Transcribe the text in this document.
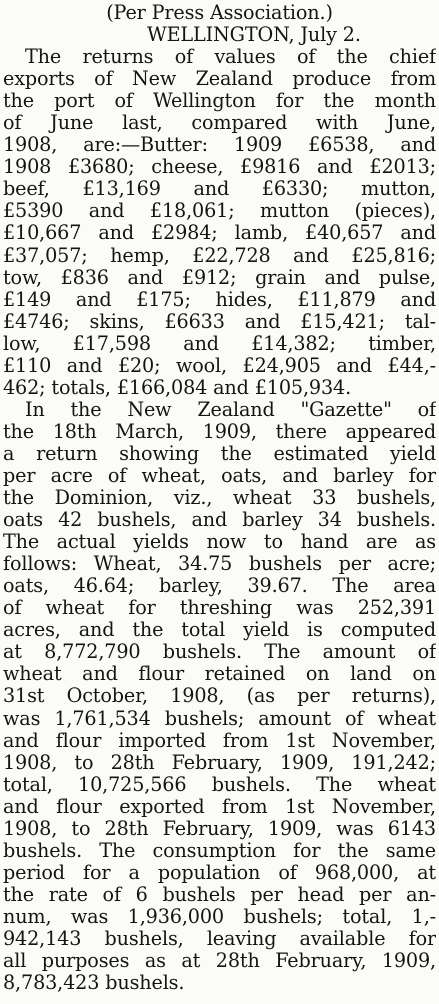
(Per Press Association.)
WELLINGTON, July 2.
The returns of values of the chief
exports of New Zealand produce from
the port of Wellington for the month
of June last, compared with June,
1908, are:—Butter: 1909 £6538, and
1908 £3680; cheese, £9816 and £2013;
beef, £13,169 and £6330; mutton,
£5390 and £18,061; mutton (pieces),
£10,667 and £2984; lamb, £40,657 and
£37,057; hemp, £22,728 and £25,816;
tow, £836 and £912; grain and pulse,
£149 and £175; hides, £11,879 and
£4746; skins, £6633 and £15,421; tal-
low, £17,598 and £14,382; timber,
£110 and £20; wool, £24,905 and £44,-
462; totals, £166,084 and £105,934.
In the New Zealand "Gazette" of
the 18th March, 1909, there appeared
a return showing the estimated yield
per acre of wheat, oats, and barley for
the Dominion, viz., wheat 33 bushels,
oats 42 bushels, and barley 34 bushels.
The actual yields now to hand are as
follows: Wheat, 34.75 bushels per acre;
oats, 46.64; barley, 39.67. The area
of wheat for threshing was 252,391
acres, and the total yield is computed
at 8,772,790 bushels. The amount of
wheat and flour retained on land on
31st October, 1908, (as per returns),
was 1,761,534 bushels; amount of wheat
and flour imported from 1st November,
1908, to 28th February, 1909, 191,242;
total, 10,725,566 bushels. The wheat
and flour exported from 1st November,
1908, to 28th February, 1909, was 6143
bushels. The consumption for the same
period for a population of 968,000, at
the rate of 6 bushels per head per an-
num, was 1,936,000 bushels; total, 1,-
942,143 bushels, leaving available for
all purposes as at 28th February, 1909,
8,783,423 bushels.
